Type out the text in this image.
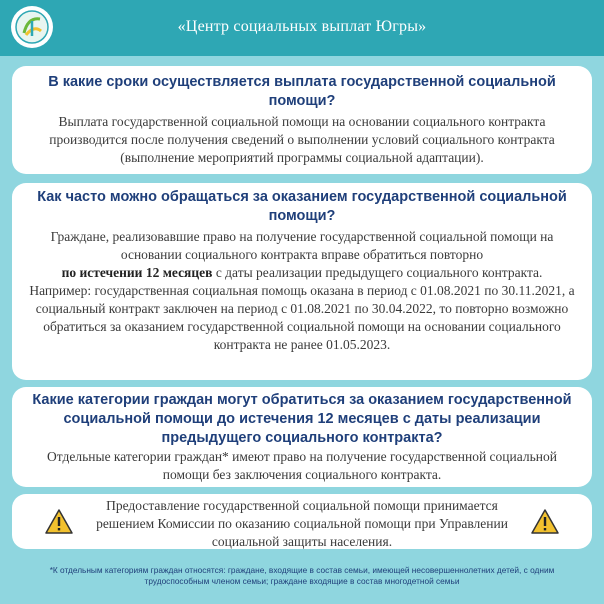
«Центр социальных выплат Югры»
В какие сроки осуществляется выплата государственной социальной помощи?
Выплата государственной социальной помощи на основании социального контракта производится после получения сведений о выполнении условий социального контракта (выполнение мероприятий программы социальной адаптации).
Как часто можно обращаться за оказанием государственной социальной помощи?
Граждане, реализовавшие право на получение государственной социальной помощи на основании социального контракта вправе обратиться повторно
по истечении 12 месяцев с даты реализации предыдущего социального контракта.
Например: государственная социальная помощь оказана в период с 01.08.2021 по 30.11.2021, а социальный контракт заключен на период с 01.08.2021 по 30.04.2022, то повторно возможно обратиться за оказанием государственной социальной помощи на основании социального контракта не ранее 01.05.2023.
Какие категории граждан могут обратиться за оказанием государственной социальной помощи до истечения 12 месяцев с даты реализации предыдущего социального контракта?
Отдельные категории граждан* имеют право на получение государственной социальной помощи без заключения социального контракта.
Предоставление государственной социальной помощи принимается решением Комиссии по оказанию социальной помощи при Управлении социальной защиты населения.
*К отдельным категориям граждан относятся: граждане, входящие в состав семьи, имеющей несовершеннолетних детей, с одним трудоспособным членом семьи; граждане входящие в состав многодетной семьи
